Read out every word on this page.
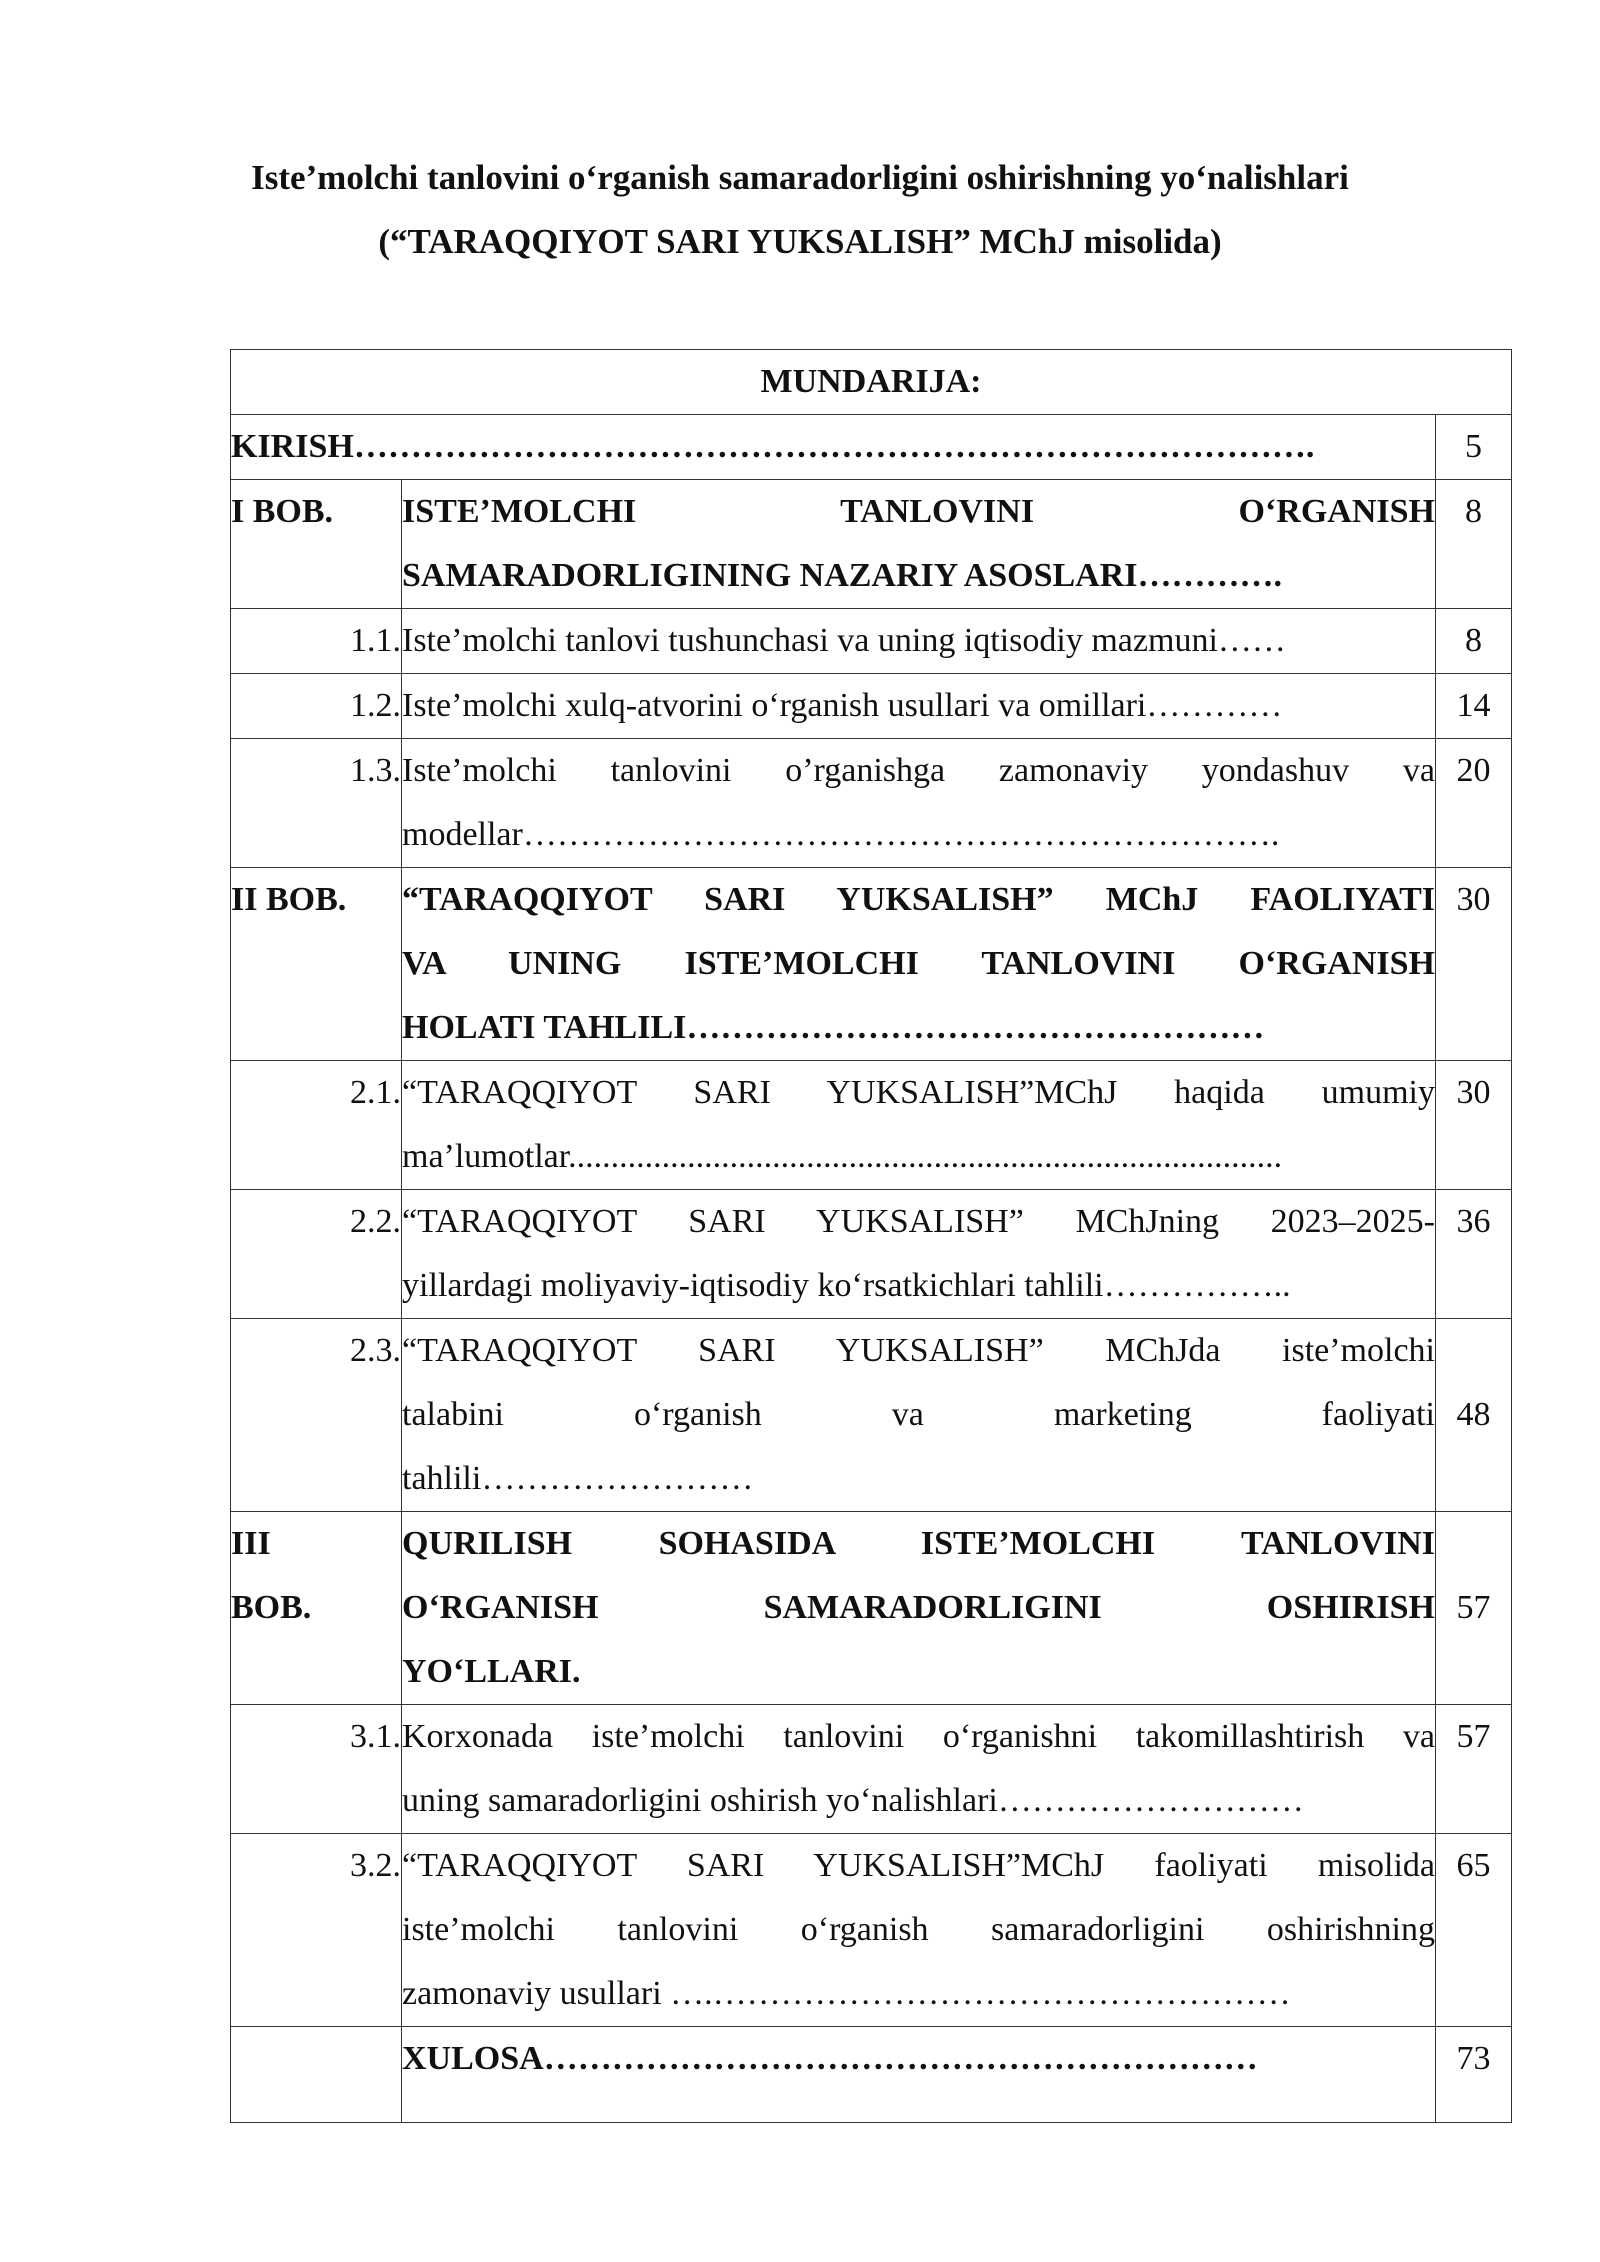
Iste’molchi tanlovini o‘rganish samaradorligini oshirishning yo‘nalishlari
(“TARAQQIYOT SARI YUKSALISH” MChJ misolida)
MUNDARIJA:		
KIRISH………………………………………………………………………….		5
I BOB.	ISTE’MOLCHI TANLOVINI O‘RGANISH
SAMARADORLIGINING NAZARIY ASOSLARI………….	8
1.1.	Iste’molchi tanlovi tushunchasi va uning iqtisodiy mazmuni……	8
1.2.	Iste’molchi xulq-atvorini o‘rganish usullari va omillari…………	14
1.3.	Iste’molchi tanlovini o’rganishga zamonaviy yondashuv va
modellar………………………………………………………….	20
II BOB.	“TARAQQIYOT SARI YUKSALISH” MChJ FAOLIYATI
VA UNING ISTE’MOLCHI TANLOVINI O‘RGANISH
HOLATI TAHLILI……………………………………………	30
2.1.	“TARAQQIYOT SARI YUKSALISH”MChJ haqida umumiy
ma’lumotlar....................................................................................	30
2.2.	“TARAQQIYOT SARI YUKSALISH” MChJning 2023–2025-
yillardagi moliyaviy-iqtisodiy ko‘rsatkichlari tahlili……………..	36
2.3.	“TARAQQIYOT SARI YUKSALISH” MChJda iste’molchi
talabini o‘rganish va marketing faoliyati
tahlili……………………	48

III
BOB.	QURILISH SOHASIDA ISTE’MOLCHI TANLOVINI
O‘RGANISH SAMARADORLIGINI OSHIRISH
YO‘LLARI.	57
3.1.	Korxonada iste’molchi tanlovini o‘rganishni takomillashtirish va
uning samaradorligini oshirish yo‘nalishlari………………………	57
3.2.	“TARAQQIYOT SARI YUKSALISH”MChJ faoliyati misolida
iste’molchi tanlovini o‘rganish samaradorligini oshirishning
zamonaviy usullari ….……………………………………………	65
	XULOSA………………………………………………………	73
